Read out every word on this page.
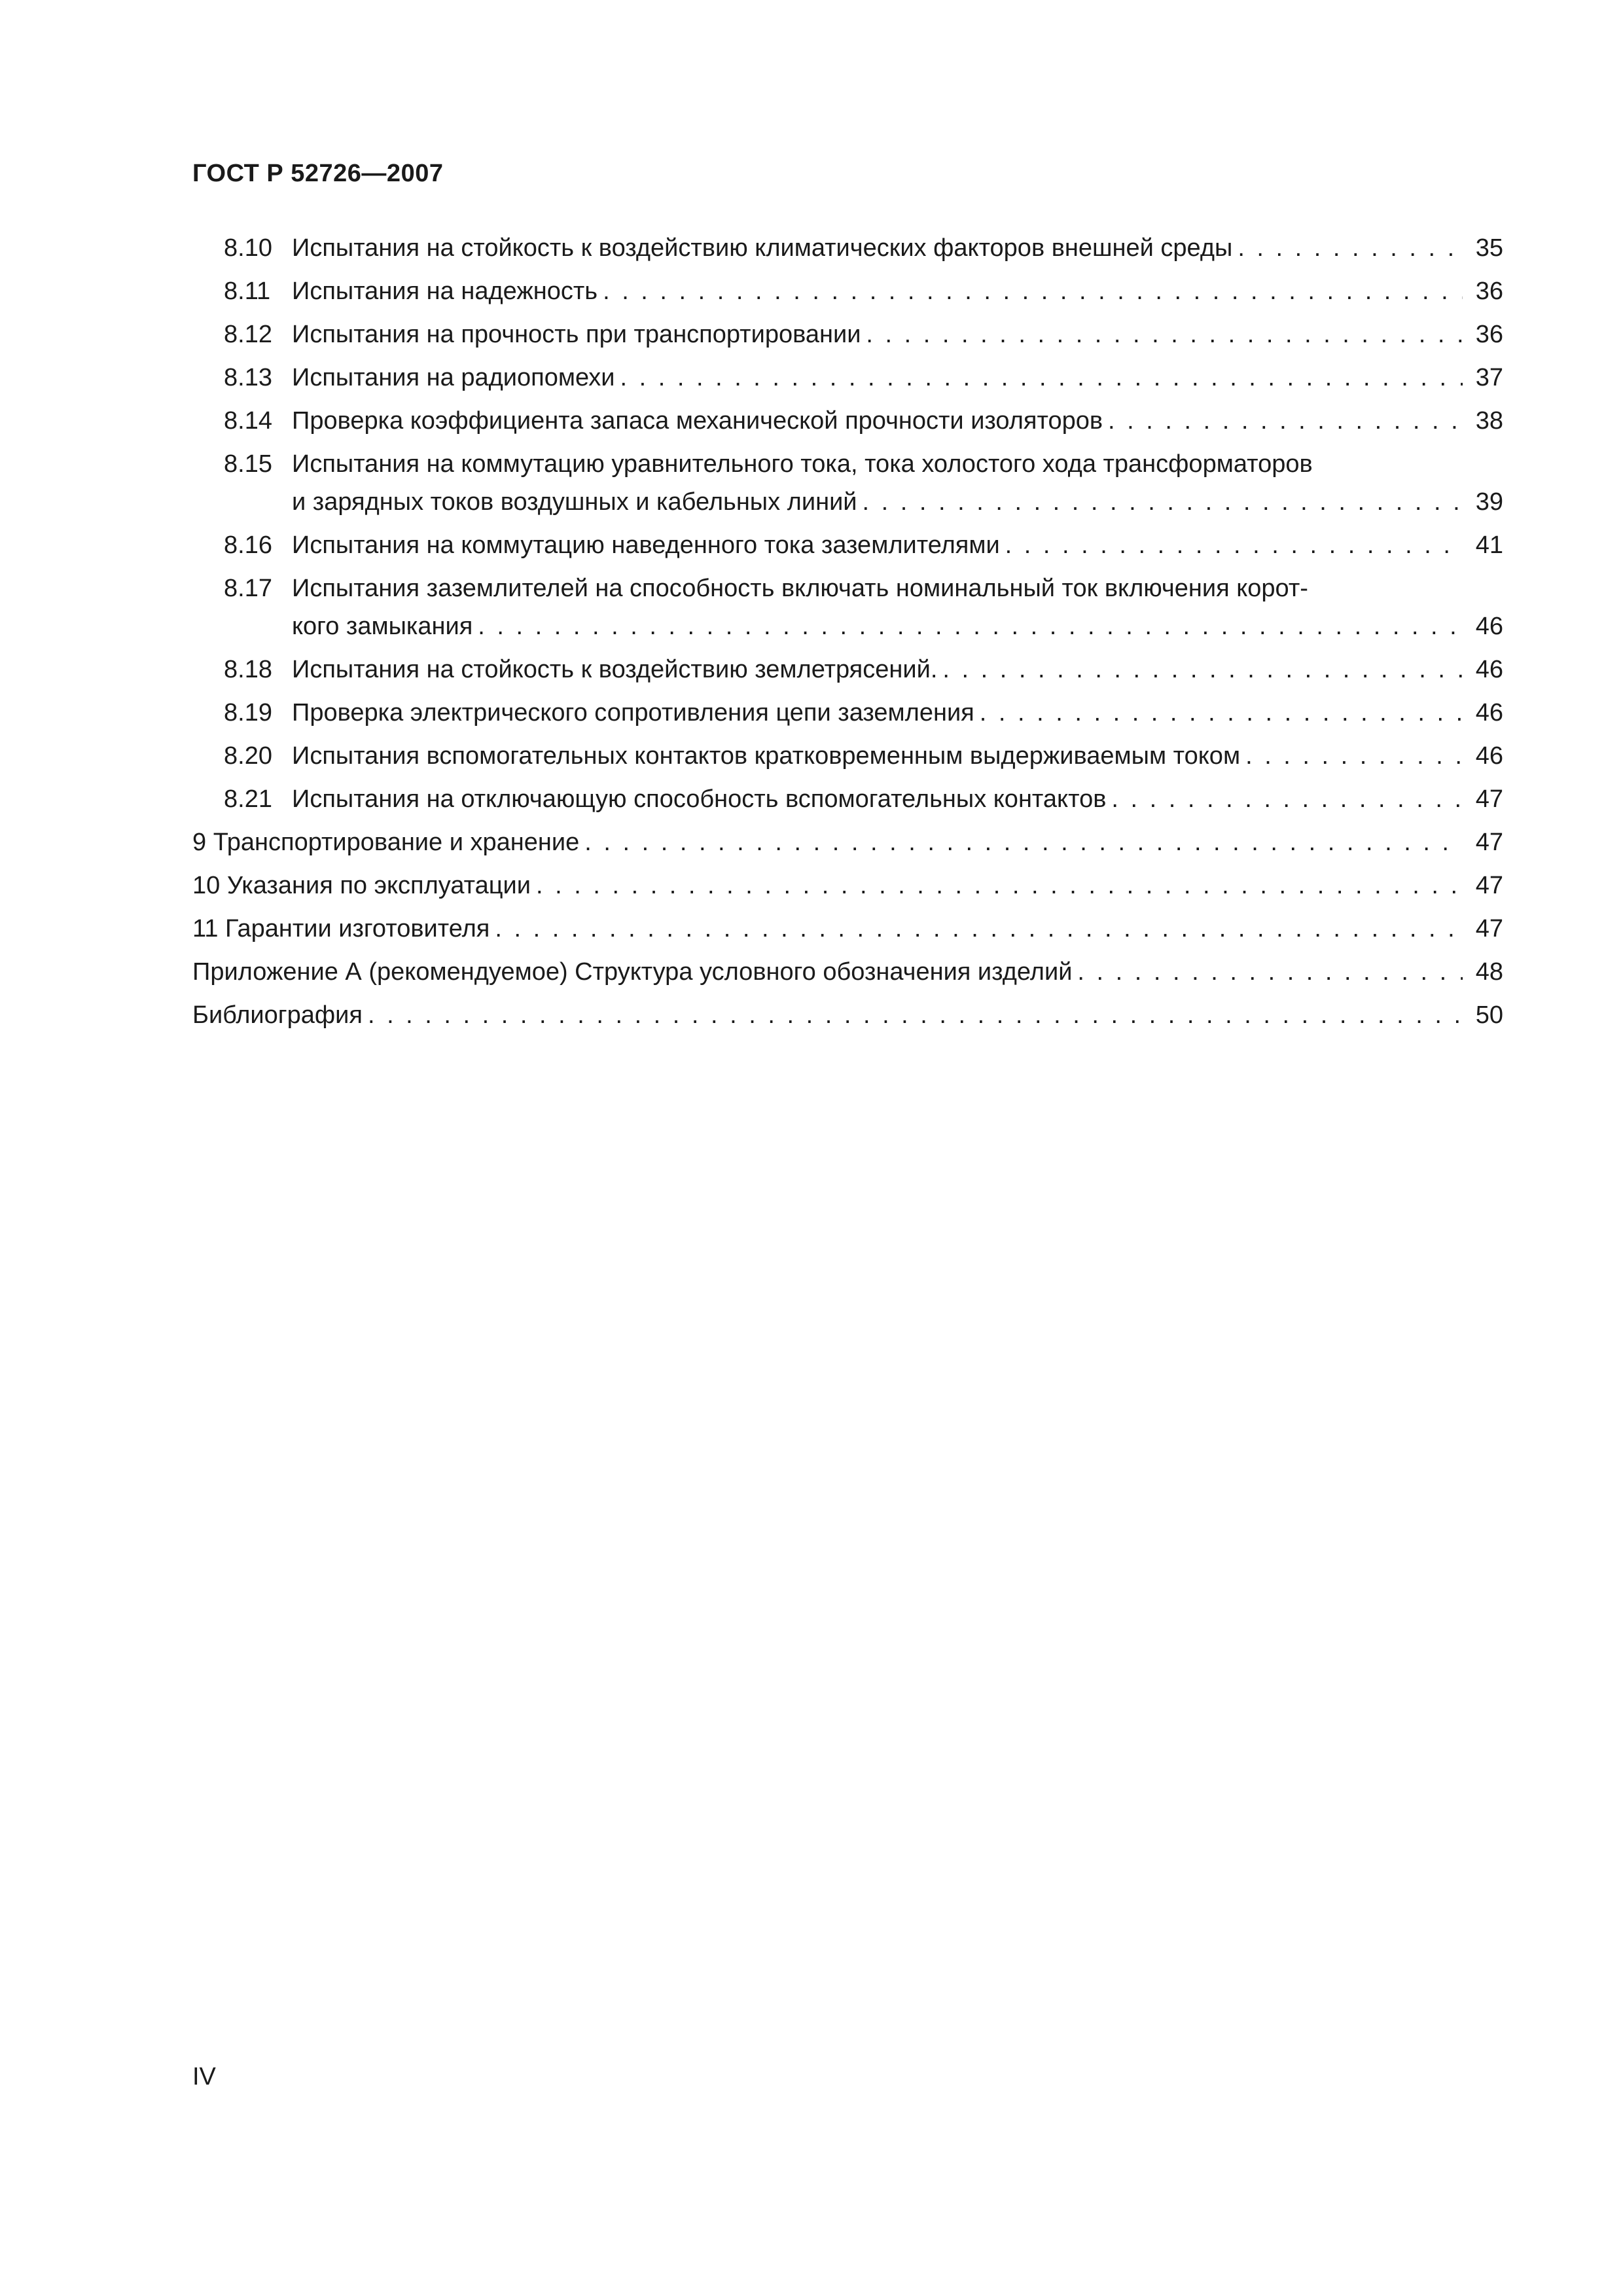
ГОСТ Р 52726—2007
8.10 Испытания на стойкость к воздействию климатических факторов внешней среды . . .	35
8.11 Испытания на надежность . . .	36
8.12 Испытания на прочность при транспортировании . . .	36
8.13 Испытания на радиопомехи . . .	37
8.14 Проверка коэффициента запаса механической прочности изоляторов . . .	38
8.15 Испытания на коммутацию уравнительного тока, тока холостого хода трансформаторов
и зарядных токов воздушных и кабельных линий . . .	39
8.16 Испытания на коммутацию наведенного тока заземлителями . . .	41
8.17 Испытания заземлителей на способность включать номинальный ток включения корот-
кого замыкания . . .	46
8.18 Испытания на стойкость к воздействию землетрясений. . . .	46
8.19 Проверка электрического сопротивления цепи заземления . . .	46
8.20 Испытания вспомогательных контактов кратковременным выдерживаемым током . . .	46
8.21 Испытания на отключающую способность вспомогательных контактов . . .	47
9 Транспортирование и хранение . . .	47
10 Указания по эксплуатации . . .	47
11 Гарантии изготовителя . . .	47
Приложение А (рекомендуемое) Структура условного обозначения изделий . . .	48
Библиография . . .	50
IV
